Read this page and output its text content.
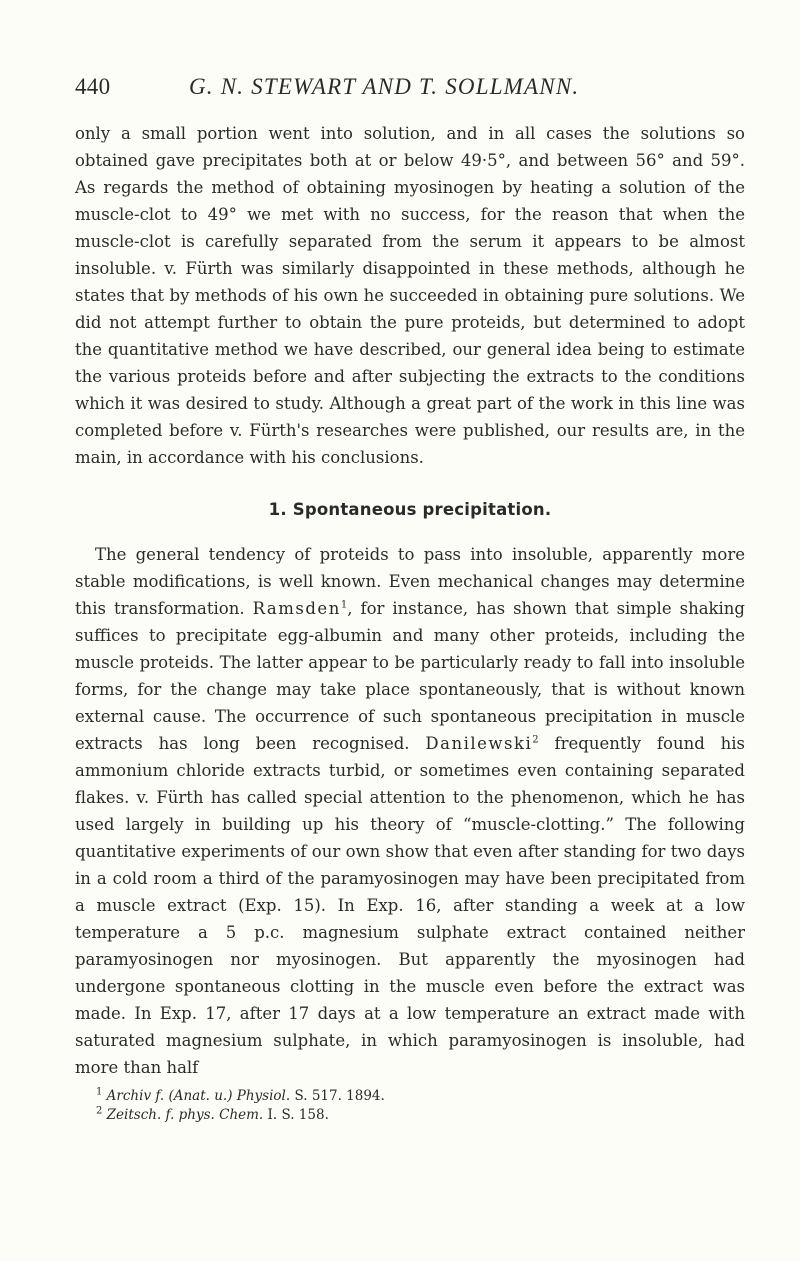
440	G. N. STEWART AND T. SOLLMANN.

only a small portion went into solution, and in all cases the solutions so obtained gave precipitates both at or below 49·5°, and between 56° and 59°. As regards the method of obtaining myosinogen by heating a solution of the muscle-clot to 49° we met with no success, for the reason that when the muscle-clot is carefully separated from the serum it appears to be almost insoluble. v. Fürth was similarly disappointed in these methods, although he states that by methods of his own he succeeded in obtaining pure solutions. We did not attempt further to obtain the pure proteids, but determined to adopt the quantitative method we have described, our general idea being to estimate the various proteids before and after subjecting the extracts to the conditions which it was desired to study. Although a great part of the work in this line was completed before v. Fürth's researches were published, our results are, in the main, in accordance with his conclusions.

1. Spontaneous precipitation.

The general tendency of proteids to pass into insoluble, apparently more stable modifications, is well known. Even mechanical changes may determine this transformation. Ramsden$^1$, for instance, has shown that simple shaking suffices to precipitate egg-albumin and many other proteids, including the muscle proteids. The latter appear to be particularly ready to fall into insoluble forms, for the change may take place spontaneously, that is without known external cause. The occurrence of such spontaneous precipitation in muscle extracts has long been recognised. Danilewski$^2$ frequently found his ammonium chloride extracts turbid, or sometimes even containing separated flakes. v. Fürth has called special attention to the phenomenon, which he has used largely in building up his theory of “muscle-clotting.” The following quantitative experiments of our own show that even after standing for two days in a cold room a third of the paramyosinogen may have been precipitated from a muscle extract (Exp. 15). In Exp. 16, after standing a week at a low temperature a 5 p.c. magnesium sulphate extract contained neither paramyosinogen nor myosinogen. But apparently the myosinogen had undergone spontaneous clotting in the muscle even before the extract was made. In Exp. 17, after 17 days at a low temperature an extract made with saturated magnesium sulphate, in which paramyosinogen is insoluble, had more than half

$^1$ Archiv f. (Anat. u.) Physiol. S. 517. 1894.
$^2$ Zeitsch. f. phys. Chem. I. S. 158.
